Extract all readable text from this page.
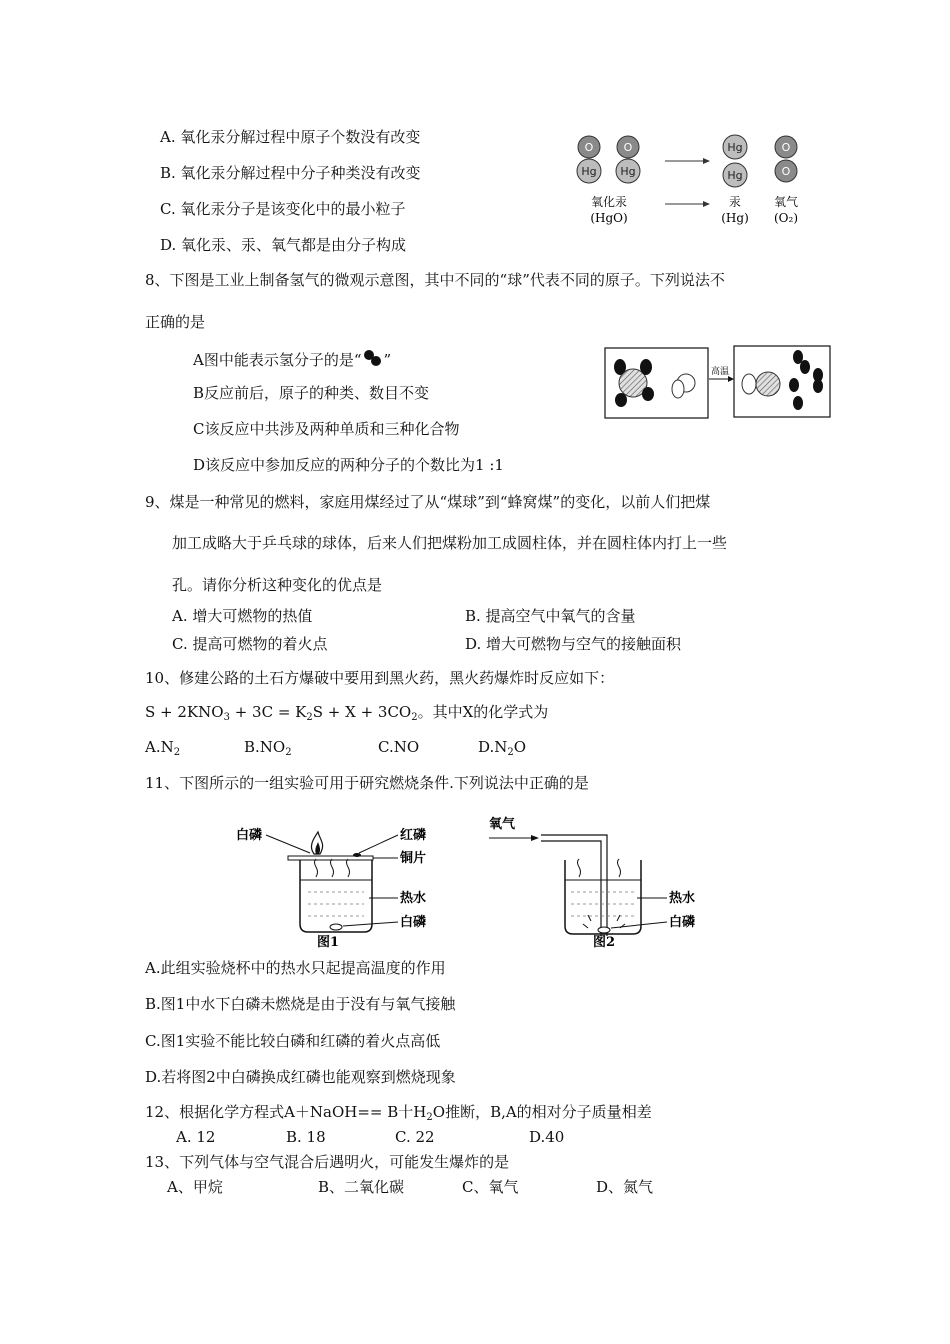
A. 氧化汞分解过程中原子个数没有改变
B. 氧化汞分解过程中分子种类没有改变
C. 氧化汞分子是该变化中的最小粒子
D. 氧化汞、汞、氧气都是由分子构成
O
Hg
O
Hg
Hg
Hg
O
O
氧化汞
(HgO)
汞
(Hg)
氧气
(O₂)
8、下图是工业上制备氢气的微观示意图，其中不同的“球”代表不同的原子。下列说法不
正确的是
A图中能表示氢分子的是“ ”
B反应前后，原子的种类、数目不变
C该反应中共涉及两种单质和三种化合物
D该反应中参加反应的两种分子的个数比为1 :1
高温
9、煤是一种常见的燃料，家庭用煤经过了从“煤球”到“蜂窝煤”的变化，以前人们把煤
加工成略大于乒乓球的球体，后来人们把煤粉加工成圆柱体，并在圆柱体内打上一些
孔。请你分析这种变化的优点是
A. 增大可燃物的热值	B. 提高空气中氧气的含量
C. 提高可燃物的着火点	D. 增大可燃物与空气的接触面积
10、修建公路的土石方爆破中要用到黑火药，黑火药爆炸时反应如下：
$S + 2KNO_3 + 3C = K_2S + X + 3CO_2$。其中X的化学式为
$A.N_2$	$B.NO_2$	C.NO	$D.N_2O$
11、下图所示的一组实验可用于研究燃烧条件.下列说法中正确的是
白磷	红磷
铜片
热水
白磷
图1
氧气
热水
白磷
图2
A.此组实验烧杯中的热水只起提高温度的作用
B.图1中水下白磷未燃烧是由于没有与氧气接触
C.图1实验不能比较白磷和红磷的着火点高低
D.若将图2中白磷换成红磷也能观察到燃烧现象
12、根据化学方程式A＋NaOH== B十$H_2O$推断，B,A的相对分子质量相差
A. 12	B. 18	C. 22	D.40
13、下列气体与空气混合后遇明火，可能发生爆炸的是
A、甲烷	B、二氧化碳	C、氧气	D、氮气
